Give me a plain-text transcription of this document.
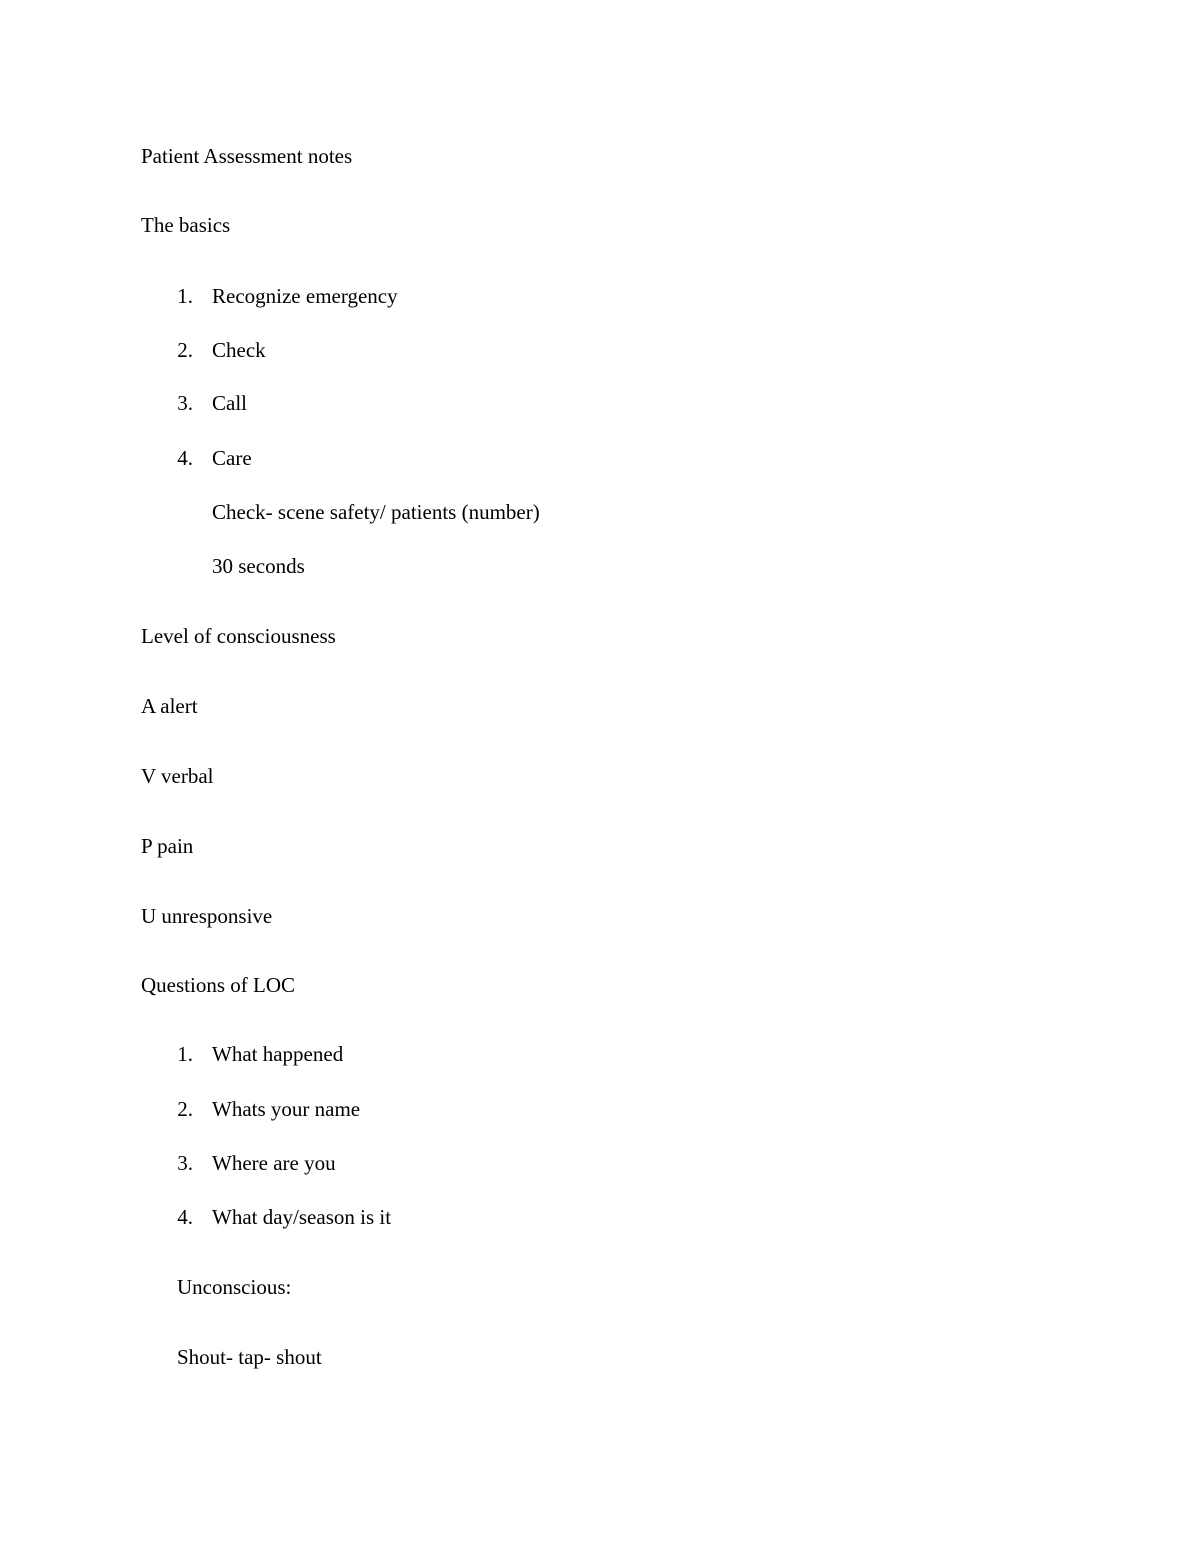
Patient Assessment notes
The basics
1. Recognize emergency
2. Check
3. Call
4. Care
Check- scene safety/ patients (number)
30 seconds
Level of consciousness
A alert
V verbal
P pain
U unresponsive
Questions of LOC
1. What happened
2. Whats your name
3. Where are you
4. What day/season is it
Unconscious:
Shout- tap- shout
